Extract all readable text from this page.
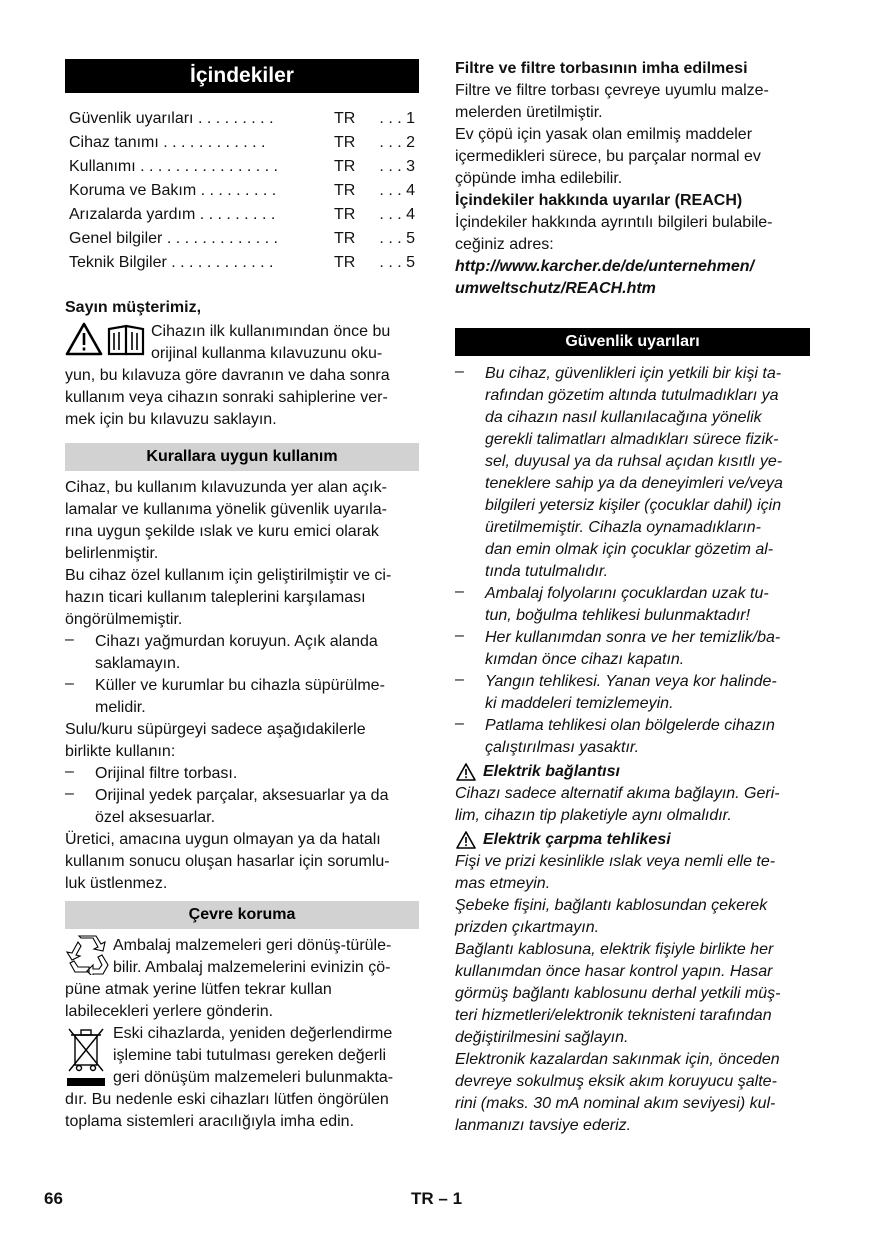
İçindekiler
Güvenlik uyarıları . . . . . . . . .	TR	. . . 1
Cihaz tanımı . . . . . . . . . . . .	TR	. . . 2
Kullanımı . . . . . . . . . . . . . . . .	TR	. . . 3
Koruma ve Bakım . . . . . . . . .	TR	. . . 4
Arızalarda yardım . . . . . . . . .	TR	. . . 4
Genel bilgiler . . . . . . . . . . . . .	TR	. . . 5
Teknik Bilgiler . . . . . . . . . . . .	TR	. . . 5

Sayın müşterimiz,

Cihazın ilk kullanımından önce bu

orijinal kullanma kılavuzunu oku-

yun, bu kılavuza göre davranın ve daha sonra

kullanım veya cihazın sonraki sahiplerine ver-

mek için bu kılavuzu saklayın.

Kurallara uygun kullanım

Cihaz, bu kullanım kılavuzunda yer alan açık-

lamalar ve kullanıma yönelik güvenlik uyarıla-

rına uygun şekilde ıslak ve kuru emici olarak

belirlenmiştir.

Bu cihaz özel kullanım için geliştirilmiştir ve ci-

hazın ticari kullanım taleplerini karşılaması

öngörülmemiştir.

–	Cihazı yağmurdan koruyun. Açık alanda

saklamayın.

–	Küller ve kurumlar bu cihazla süpürülme-

melidir.

Sulu/kuru süpürgeyi sadece aşağıdakilerle

birlikte kullanın:

–	Orijinal filtre torbası.

–	Orijinal yedek parçalar, aksesuarlar ya da

özel aksesuarlar.

Üretici, amacına uygun olmayan ya da hatalı

kullanım sonucu oluşan hasarlar için sorumlu-

luk üstlenmez.

Çevre koruma

Ambalaj malzemeleri geri dönüş-türüle-

bilir. Ambalaj malzemelerini evinizin çö-

püne atmak yerine lütfen tekrar kullan

labilecekleri yerlere gönderin.

Eski cihazlarda, yeniden değerlendirme

işlemine tabi tutulması gereken değerli

geri dönüşüm malzemeleri bulunmakta-

dır. Bu nedenle eski cihazları lütfen öngörülen

toplama sistemleri aracılığıyla imha edin.

Filtre ve filtre torbasının imha edilmesi

Filtre ve filtre torbası çevreye uyumlu malze-

melerden üretilmiştir.

Ev çöpü için yasak olan emilmiş maddeler

içermedikleri sürece, bu parçalar normal ev

çöpünde imha edilebilir.

İçindekiler hakkında uyarılar (REACH)

İçindekiler hakkında ayrıntılı bilgileri bulabile-

ceğiniz adres:

http://www.karcher.de/de/unternehmen/

umweltschutz/REACH.htm

Güvenlik uyarıları
–	Bu cihaz, güvenlikleri için yetkili bir kişi ta-

rafından gözetim altında tutulmadıkları ya

da cihazın nasıl kullanılacağına yönelik

gerekli talimatları almadıkları sürece fizik-

sel, duyusal ya da ruhsal açıdan kısıtlı ye-

teneklere sahip ya da deneyimleri ve/veya

bilgileri yetersiz kişiler (çocuklar dahil) için

üretilmemiştir. Cihazla oynamadıkların-

dan emin olmak için çocuklar gözetim al-

tında tutulmalıdır.

–	Ambalaj folyolarını çocuklardan uzak tu-

tun, boğulma tehlikesi bulunmaktadır!

–	Her kullanımdan sonra ve her temizlik/ba-

kımdan önce cihazı kapatın.

–	Yangın tehlikesi. Yanan veya kor halinde-

ki maddeleri temizlemeyin.

–	Patlama tehlikesi olan bölgelerde cihazın

çalıştırılması yasaktır.

Elektrik bağlantısı

Cihazı sadece alternatif akıma bağlayın. Geri-

lim, cihazın tip plaketiyle aynı olmalıdır.

Elektrik çarpma tehlikesi

Fişi ve prizi kesinlikle ıslak veya nemli elle te-

mas etmeyin.

Şebeke fişini, bağlantı kablosundan çekerek

prizden çıkartmayın.

Bağlantı kablosuna, elektrik fişiyle birlikte her

kullanımdan önce hasar kontrol yapın. Hasar

görmüş bağlantı kablosunu derhal yetkili müş-

teri hizmetleri/elektronik teknisteni tarafından

değiştirilmesini sağlayın.

Elektronik kazalardan sakınmak için, önceden

devreye sokulmuş eksik akım koruyucu şalte-

rini (maks. 30 mA nominal akım seviyesi) kul-

lanmanızı tavsiye ederiz.

66	TR – 1
